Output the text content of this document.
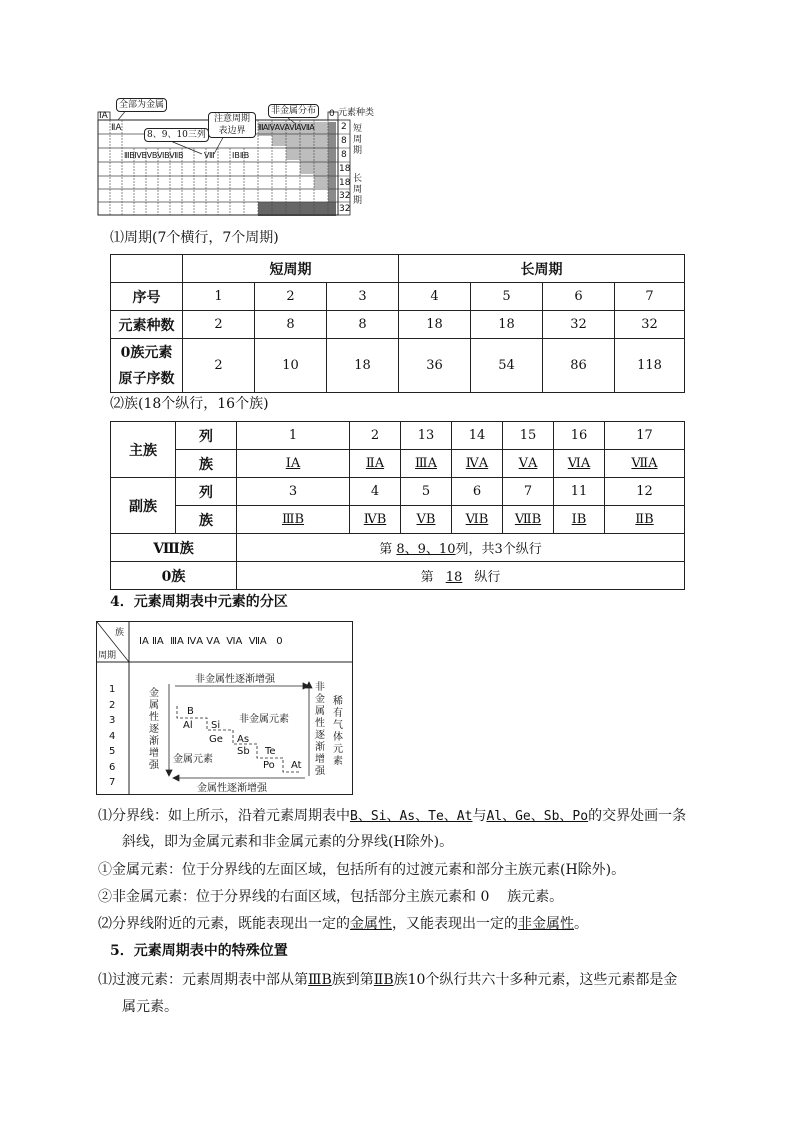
ⅠA
ⅡA
全部为金属
8、9、10三列
注意周期表边界
非金属分布	0 元素种类
ⅢBⅣBⅤBⅥBⅦB	Ⅷ ⅠBⅡB
ⅢAⅣAⅤAⅥAⅦA	2
8
8
18
18
32
32
短周期
长周期
⑴周期(7个横行，7个周期)
	短周期			长周期			
序号	1	2	3	4	5	6	7
元素种数	2	8	8	18	18	32	32

0族元素
原子序数	2	10	18	36	54	86	118
⑵族(18个纵行，16个族)
主族	列	1	2	13	14	15	16	17
	族	ⅠA	ⅡA	ⅢA	ⅣA	ⅤA	ⅥA	ⅦA
副族	列	3	4	5	6	7	11	12
	族	ⅢB	ⅣB	ⅤB	ⅥB	ⅦB	ⅠB	ⅡB
Ⅷ族		第 8、9、10列，共3个纵行						
0族		第 18 纵行						
4．元素周期表中元素的分区
族
周期
ⅠA ⅡA  ⅢA ⅣA ⅤA  ⅥA  ⅦA   0
1
2
3
4
5
6
7
非金属性逐渐增强
金属性逐渐增强
金属性逐渐增强
非金属性逐渐增强
稀有气体元素
非金属元素
金属元素
B
Al Si
Ge As
Sb Te
Po At
⑴分界线：如上所示，沿着元素周期表中B、Si、As、Te、At与Al、Ge、Sb、Po的交界处画一条
斜线，即为金属元素和非金属元素的分界线(H除外)。
①金属元素：位于分界线的左面区域，包括所有的过渡元素和部分主族元素(H除外)。
②非金属元素：位于分界线的右面区域，包括部分主族元素和 0    族元素。
⑵分界线附近的元素，既能表现出一定的金属性，又能表现出一定的非金属性。
5．元素周期表中的特殊位置
⑴过渡元素：元素周期表中部从第ⅢB族到第ⅡB族10个纵行共六十多种元素，这些元素都是金
属元素。
